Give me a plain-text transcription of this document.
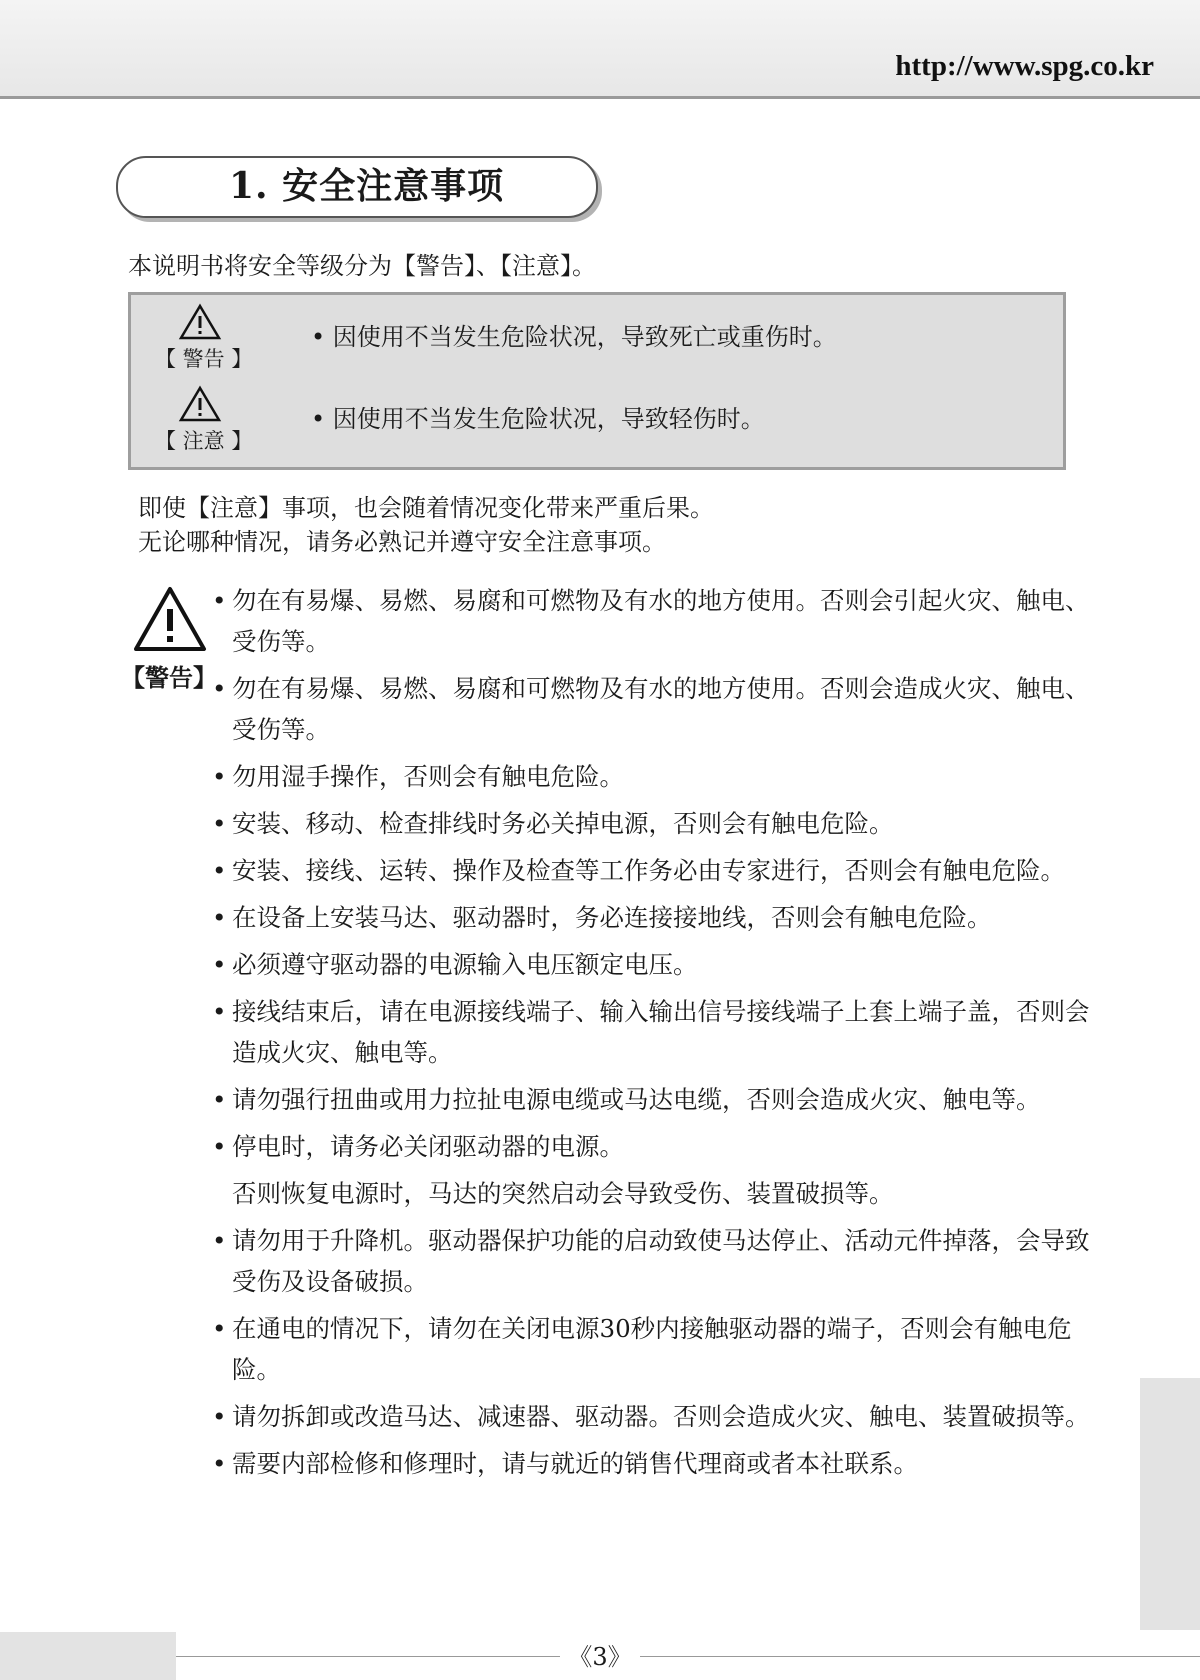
http://www.spg.co.kr
1. 安全注意事项
本说明书将安全等级分为【警告】、【注意】。
【 警告 】
• 因使用不当发生危险状况，导致死亡或重伤时。
【 注意 】
• 因使用不当发生危险状况，导致轻伤时。
即使【注意】事项，也会随着情况变化带来严重后果。
无论哪种情况，请务必熟记并遵守安全注意事项。
【警告】
• 勿在有易爆、易燃、易腐和可燃物及有水的地方使用。否则会引起火灾、触电、受伤等。
• 勿在有易爆、易燃、易腐和可燃物及有水的地方使用。否则会造成火灾、触电、受伤等。
• 勿用湿手操作，否则会有触电危险。
• 安装、移动、检查排线时务必关掉电源，否则会有触电危险。
• 安装、接线、运转、操作及检查等工作务必由专家进行，否则会有触电危险。
• 在设备上安装马达、驱动器时，务必连接接地线，否则会有触电危险。
• 必须遵守驱动器的电源输入电压额定电压。
• 接线结束后，请在电源接线端子、输入输出信号接线端子上套上端子盖，否则会造成火灾、触电等。
• 请勿强行扭曲或用力拉扯电源电缆或马达电缆，否则会造成火灾、触电等。
• 停电时，请务必关闭驱动器的电源。
否则恢复电源时，马达的突然启动会导致受伤、装置破损等。
• 请勿用于升降机。驱动器保护功能的启动致使马达停止、活动元件掉落，会导致受伤及设备破损。
• 在通电的情况下，请勿在关闭电源30秒内接触驱动器的端子，否则会有触电危险。
• 请勿拆卸或改造马达、减速器、驱动器。否则会造成火灾、触电、装置破损等。
• 需要内部检修和修理时，请与就近的销售代理商或者本社联系。
《3》
